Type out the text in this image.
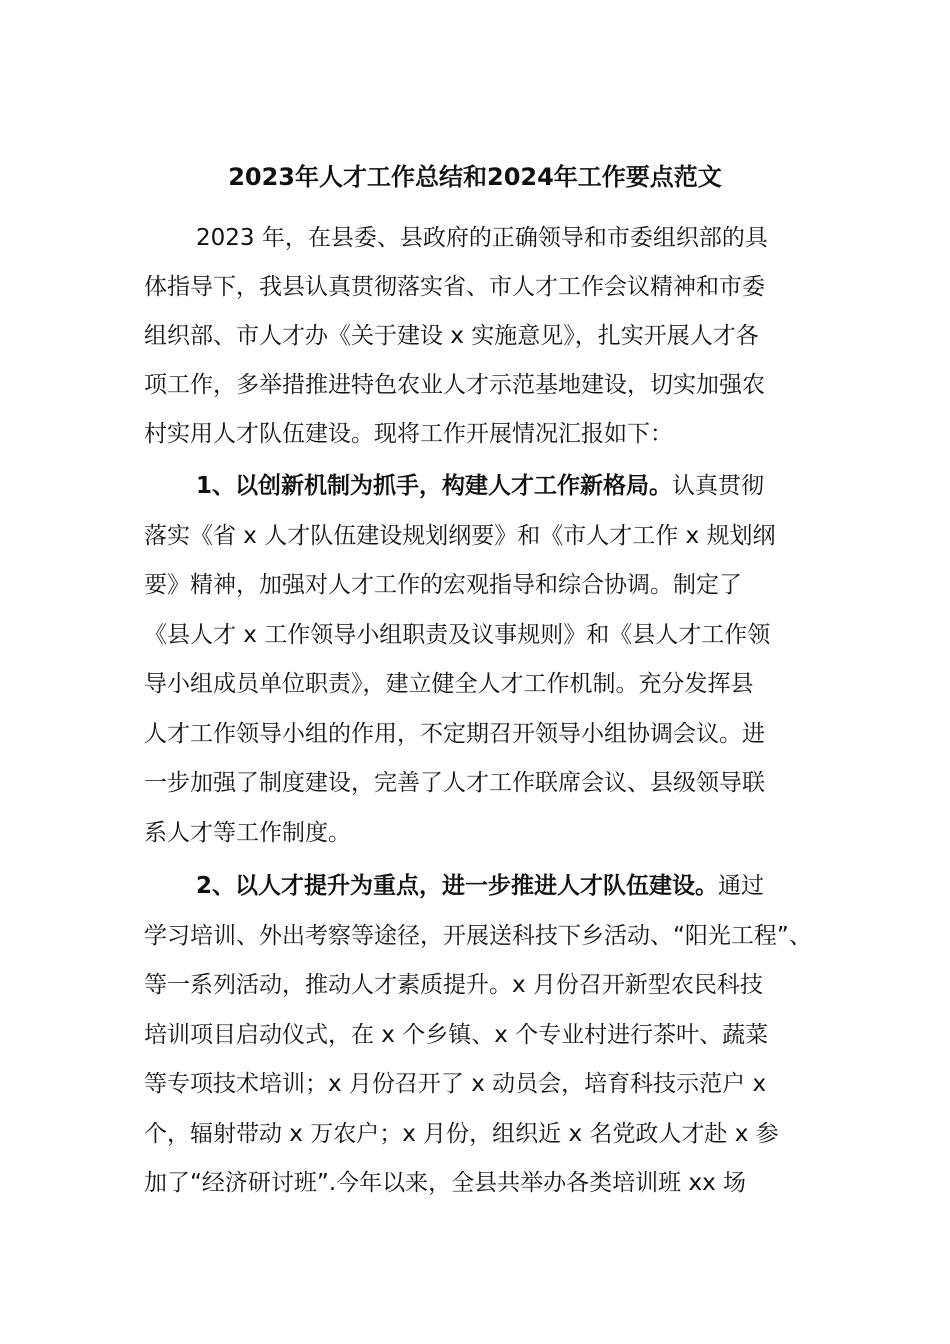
2023年人才工作总结和2024年工作要点范文
2023 年，在县委、县政府的正确领导和市委组织部的具
体指导下，我县认真贯彻落实省、市人才工作会议精神和市委
组织部、市人才办《关于建设 x 实施意见》，扎实开展人才各
项工作，多举措推进特色农业人才示范基地建设，切实加强农
村实用人才队伍建设。现将工作开展情况汇报如下：
1、以创新机制为抓手，构建人才工作新格局。认真贯彻
落实《省 x 人才队伍建设规划纲要》和《市人才工作 x 规划纲
要》精神，加强对人才工作的宏观指导和综合协调。制定了
《县人才 x 工作领导小组职责及议事规则》和《县人才工作领
导小组成员单位职责》，建立健全人才工作机制。充分发挥县
人才工作领导小组的作用，不定期召开领导小组协调会议。进
一步加强了制度建设，完善了人才工作联席会议、县级领导联
系人才等工作制度。
2、以人才提升为重点，进一步推进人才队伍建设。通过
学习培训、外出考察等途径，开展送科技下乡活动、“阳光工程”、
等一系列活动，推动人才素质提升。x 月份召开新型农民科技
培训项目启动仪式，在 x 个乡镇、x 个专业村进行茶叶、蔬菜
等专项技术培训；x 月份召开了 x 动员会，培育科技示范户 x
个，辐射带动 x 万农户；x 月份，组织近 x 名党政人才赴 x 参
加了“经济研讨班”.今年以来，全县共举办各类培训班 xx 场
